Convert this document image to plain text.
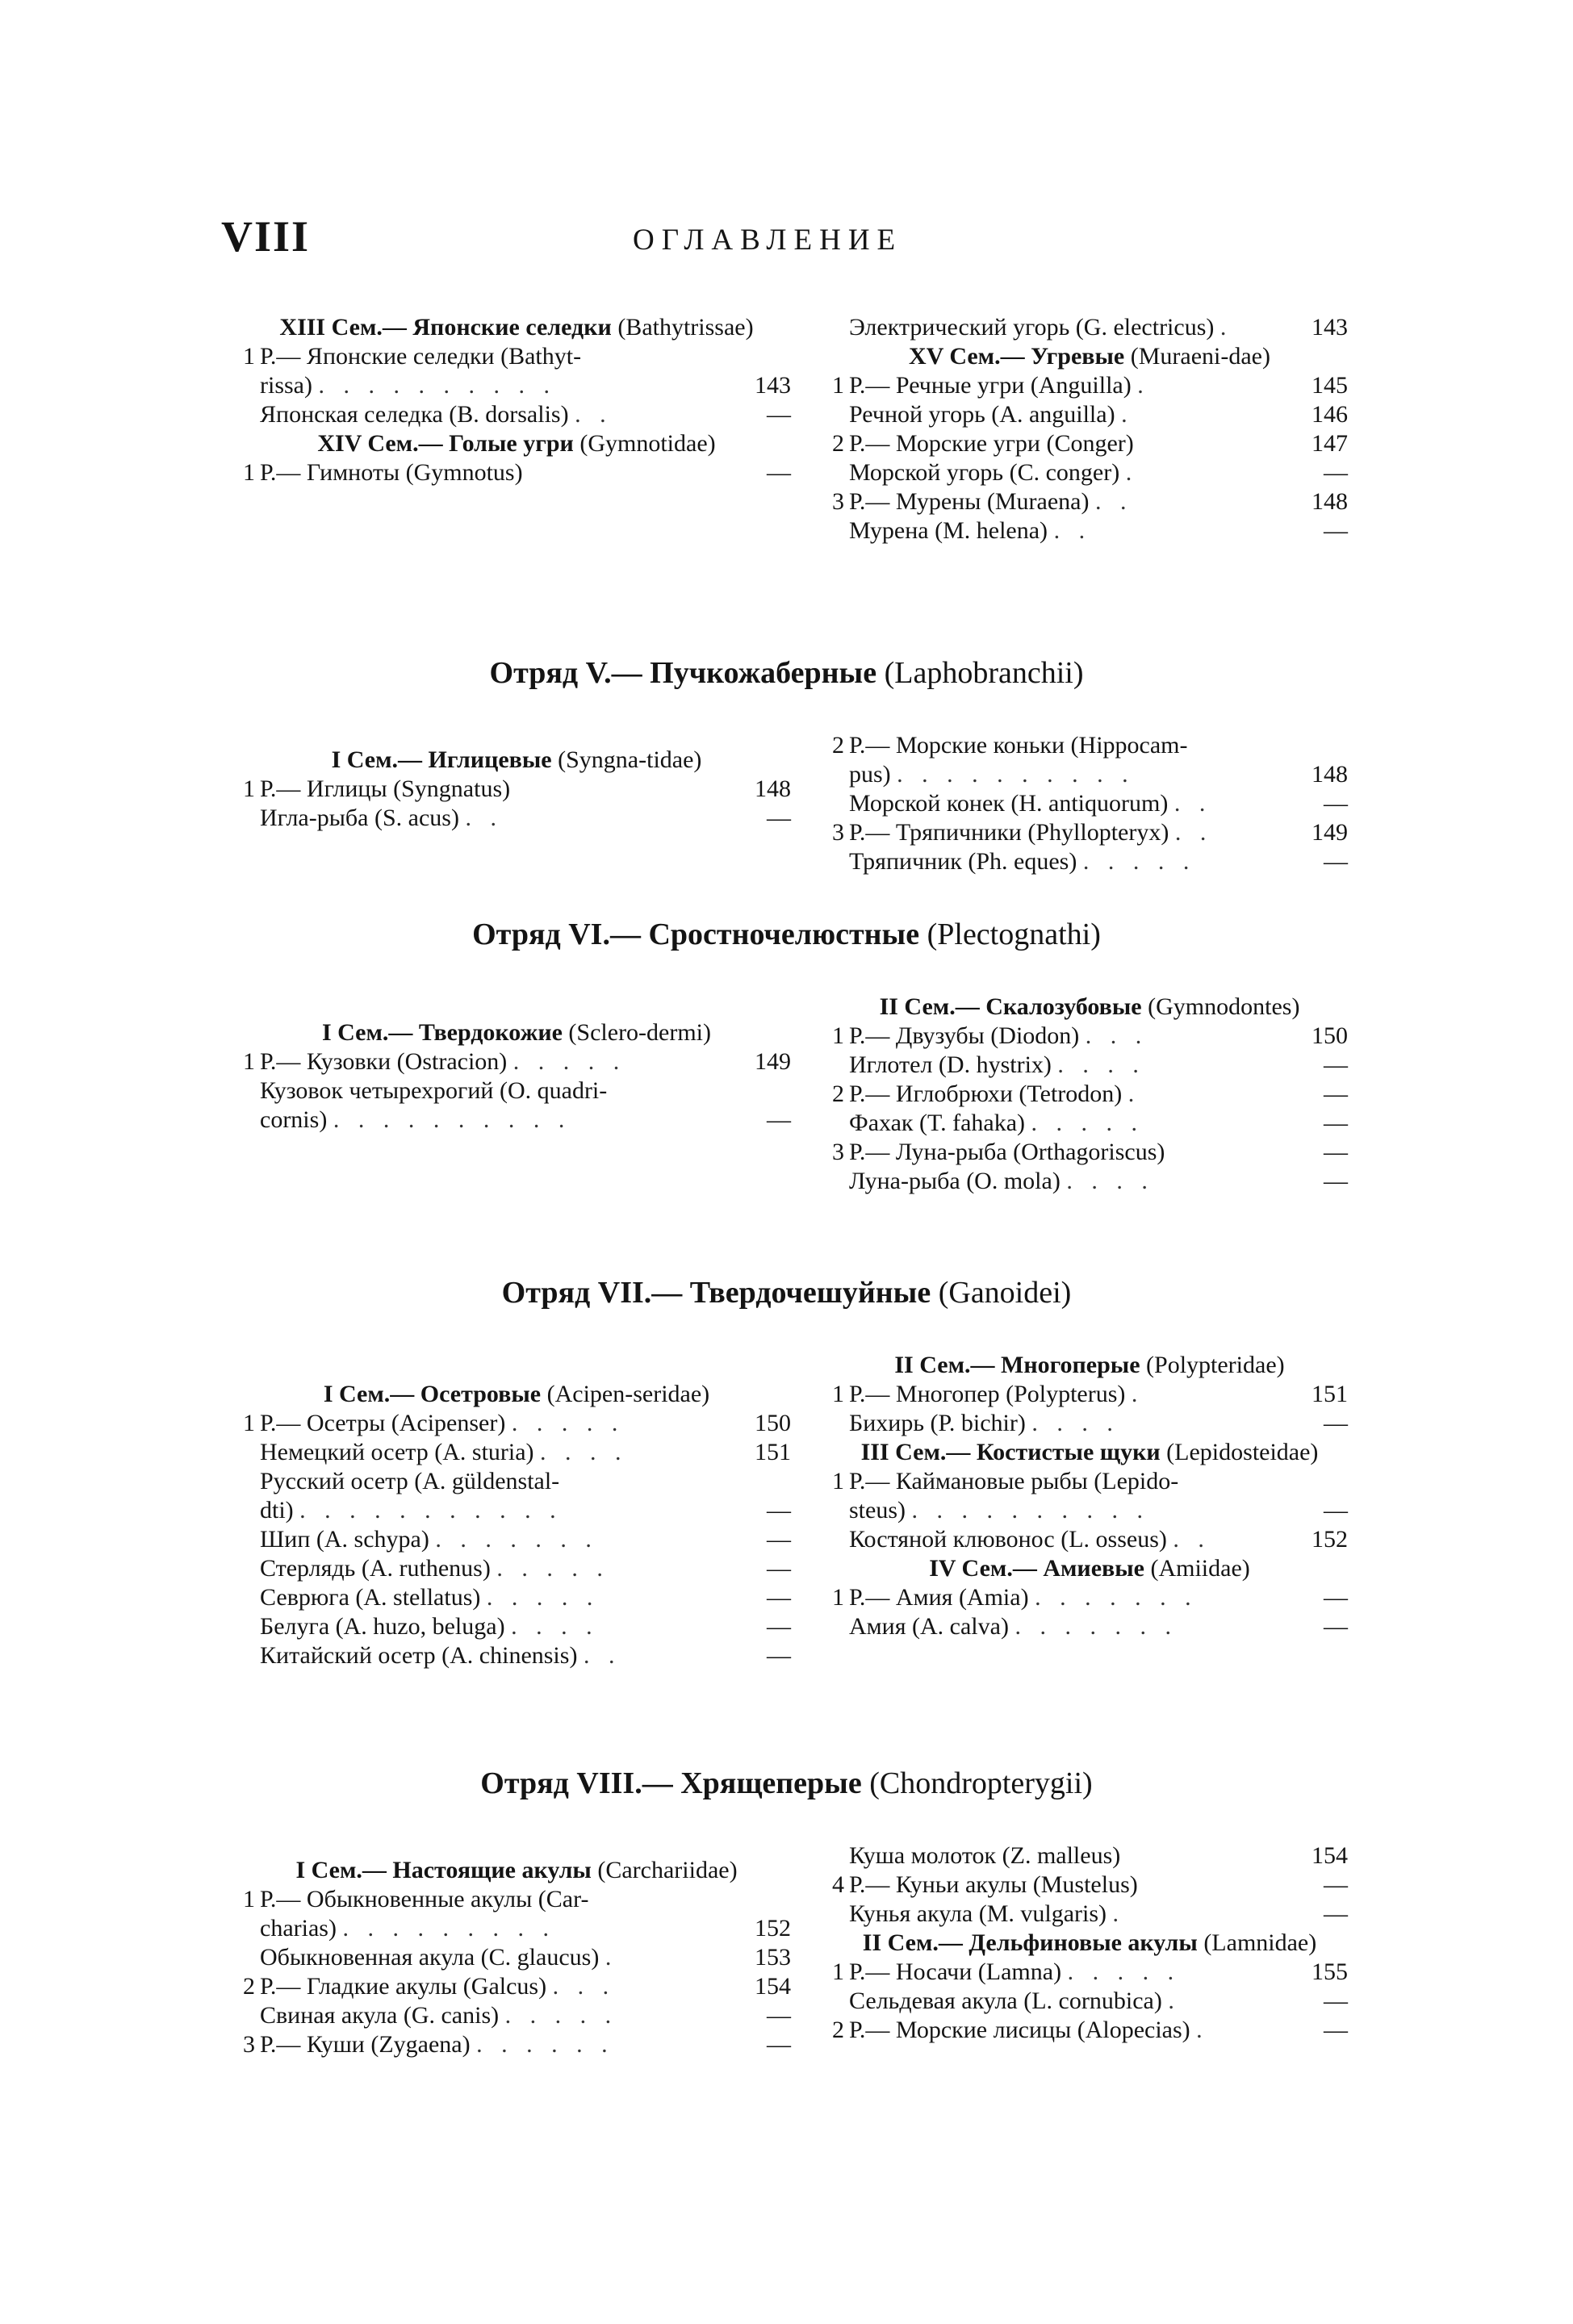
VIII	ОГЛАВЛЕНИЕ
XIII Сем.— Японские селедки (Bathytrissae)
1 Р.— Японские селедки (Bathyt-
rissa) . . . . . . . . . .	143
Японская селедка (B. dorsalis) . .	—
XIV Сем.— Голые угри (Gymnotidae)
1 Р.— Гимноты (Gymnotus)	—
Электрический угорь (G. electricus) .	143
XV Сем.— Угревые (Muraeni-dae)
1 Р.— Речные угри (Anguilla) .	145
Речной угорь (A. anguilla) .	146
2 Р.— Морские угри (Conger)	147
Морской угорь (C. conger) .	—
3 Р.— Мурены (Muraena) . .	148
Мурена (M. helena) . .	—
Отряд V.— Пучкожаберные (Laphobranchii)
I Сем.— Иглицевые (Syngna-tidae)
1 Р.— Иглицы (Syngnatus)	148
Игла-рыба (S. acus) . .	—
2 Р.— Морские коньки (Hippocam-
pus) . . . . . . . . . .	148
Морской конек (H. antiquorum) . .	—
3 Р.— Тряпичники (Phyllopteryx) . .	149
Тряпичник (Ph. eques) . . . . .	—
Отряд VI.— Сростночелюстные (Plectognathi)
I Сем.— Твердокожие (Sclero-dermi)
1 Р.— Кузовки (Ostracion) . . . . .	149
Кузовок четырехрогий (O. quadri-
cornis) . . . . . . . . . .	—
II Сем.— Скалозубовые (Gymnodontes)
1 Р.— Двузубы (Diodon) . . .	150
Иглотел (D. hystrix) . . . .	—
2 Р.— Иглобрюхи (Tetrodon) .	—
Фахак (T. fahaka) . . . . .	—
3 Р.— Луна-рыба (Orthagoriscus)	—
Луна-рыба (O. mola) . . . .	—
Отряд VII.— Твердочешуйные (Ganoidei)
I Сем.— Осетровые (Acipen-seridae)
1 Р.— Осетры (Acipenser) . . . . .	150
Немецкий осетр (A. sturia) . . . .	151
Русский осетр (A. güldenstal-
dti) . . . . . . . . . . .	—
Шип (A. schypa) . . . . . . .	—
Стерлядь (A. ruthenus) . . . . .	—
Севрюга (A. stellatus) . . . . .	—
Белуга (A. huzo, beluga) . . . .	—
Китайский осетр (A. chinensis) . .	—
II Сем.— Многоперые (Polypteridae)
1 Р.— Многопер (Polypterus) .	151
Бихирь (P. bichir) . . . .	—
III Сем.— Костистые щуки (Lepidosteidae)
1 Р.— Каймановые рыбы (Lepido-
steus) . . . . . . . . . .	—
Костяной клювонос (L. osseus) . .	152
IV Сем.— Амиевые (Amiidae)
1 Р.— Амия (Amia) . . . . . . .	—
Амия (A. calva) . . . . . . .	—
Отряд VIII.— Хрящеперые (Chondropterygii)
I Сем.— Настоящие акулы (Carchariidae)
1 Р.— Обыкновенные акулы (Car-
charias) . . . . . . . . .	152
Обыкновенная акула (C. glaucus) .	153
2 Р.— Гладкие акулы (Galcus) . . .	154
Свиная акула (G. canis) . . . . .	—
3 Р.— Куши (Zygaena) . . . . . .	—
Куша молоток (Z. malleus)	154
4 Р.— Куньи акулы (Mustelus)	—
Кунья акула (M. vulgaris) .	—
II Сем.— Дельфиновые акулы (Lamnidae)
1 Р.— Носачи (Lamna) . . . . .	155
Сельдевая акула (L. cornubica) .	—
2 Р.— Морские лисицы (Alopecias) .	—
